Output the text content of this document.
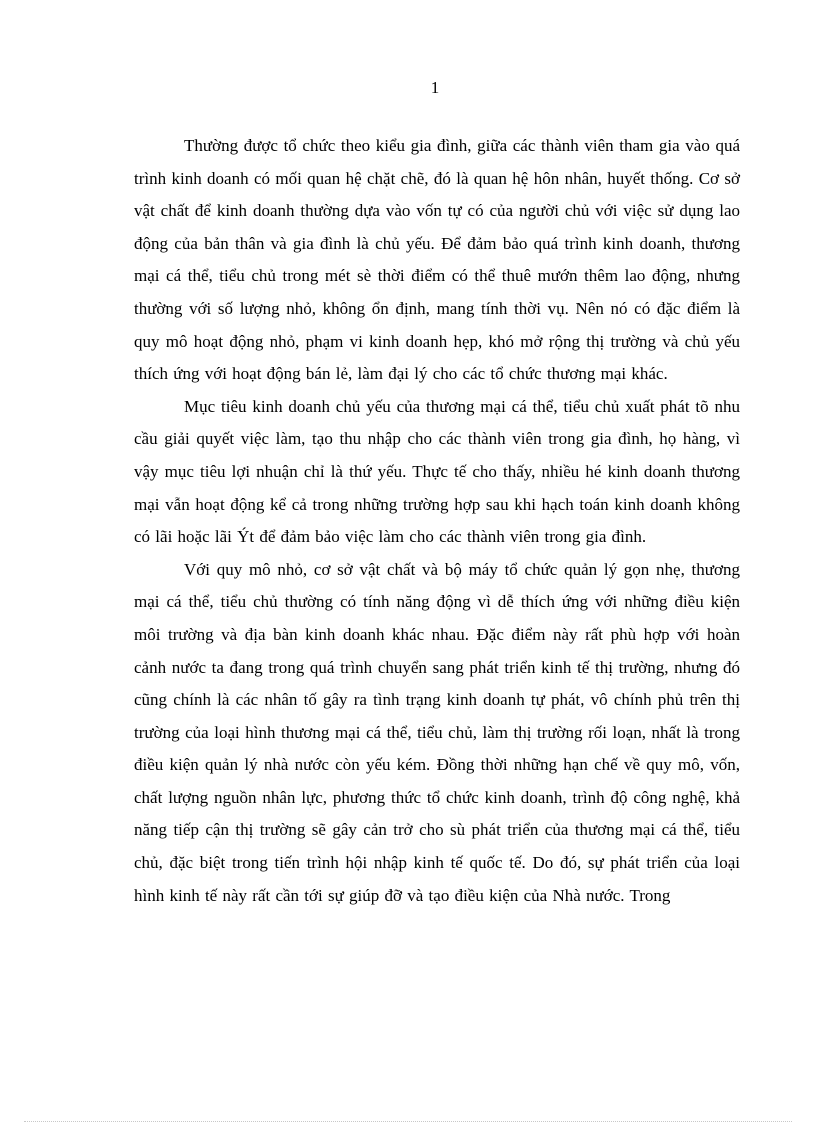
1

Thường được tổ chức theo kiểu gia đình, giữa các thành viên tham gia vào quá trình kinh doanh có mối quan hệ chặt chẽ, đó là quan hệ hôn nhân, huyết thống. Cơ sở vật chất để kinh doanh thường dựa vào vốn tự có của người chủ với việc sử dụng lao động của bản thân và gia đình là chủ yếu. Để đảm bảo quá trình kinh doanh, thương mại cá thể, tiểu chủ trong mét sè thời điểm có thể thuê mướn thêm lao động, nhưng thường với số lượng nhỏ, không ổn định, mang tính thời vụ. Nên nó có đặc điểm là quy mô hoạt động nhỏ, phạm vi kinh doanh hẹp, khó mở rộng thị trường và chủ yếu thích ứng với hoạt động bán lẻ, làm đại lý cho các tổ chức thương mại khác.

Mục tiêu kinh doanh chủ yếu của thương mại cá thể, tiểu chủ xuất phát tõ nhu cầu giải quyết việc làm, tạo thu nhập cho các thành viên trong gia đình, họ hàng, vì vậy mục tiêu lợi nhuận chỉ là thứ yếu. Thực tế cho thấy, nhiều hé kinh doanh thương mại vẫn hoạt động kể cả trong những trường hợp sau khi hạch toán kinh doanh không có lãi hoặc lãi Ýt để đảm bảo việc làm cho các thành viên trong gia đình.

Với quy mô nhỏ, cơ sở vật chất và bộ máy tổ chức quản lý gọn nhẹ, thương mại cá thể, tiểu chủ thường có tính năng động vì dễ thích ứng với những điều kiện môi trường và địa bàn kinh doanh khác nhau. Đặc điểm này rất phù hợp với hoàn cảnh nước ta đang trong quá trình chuyển sang phát triển kinh tế thị trường, nhưng đó cũng chính là các nhân tố gây ra tình trạng kinh doanh tự phát, vô chính phủ trên thị trường của loại hình thương mại cá thể, tiểu chủ, làm thị trường rối loạn, nhất là trong điều kiện quản lý nhà nước còn yếu kém. Đồng thời những hạn chế về quy mô, vốn, chất lượng nguồn nhân lực, phương thức tổ chức kinh doanh, trình độ công nghệ, khả năng tiếp cận thị trường sẽ gây cản trở cho sù phát triển của thương mại cá thể, tiểu chủ, đặc biệt trong tiến trình hội nhập kinh tế quốc tế. Do đó, sự phát triển của loại hình kinh tế này rất cần tới sự giúp đỡ và tạo điều kiện của Nhà nước. Trong
